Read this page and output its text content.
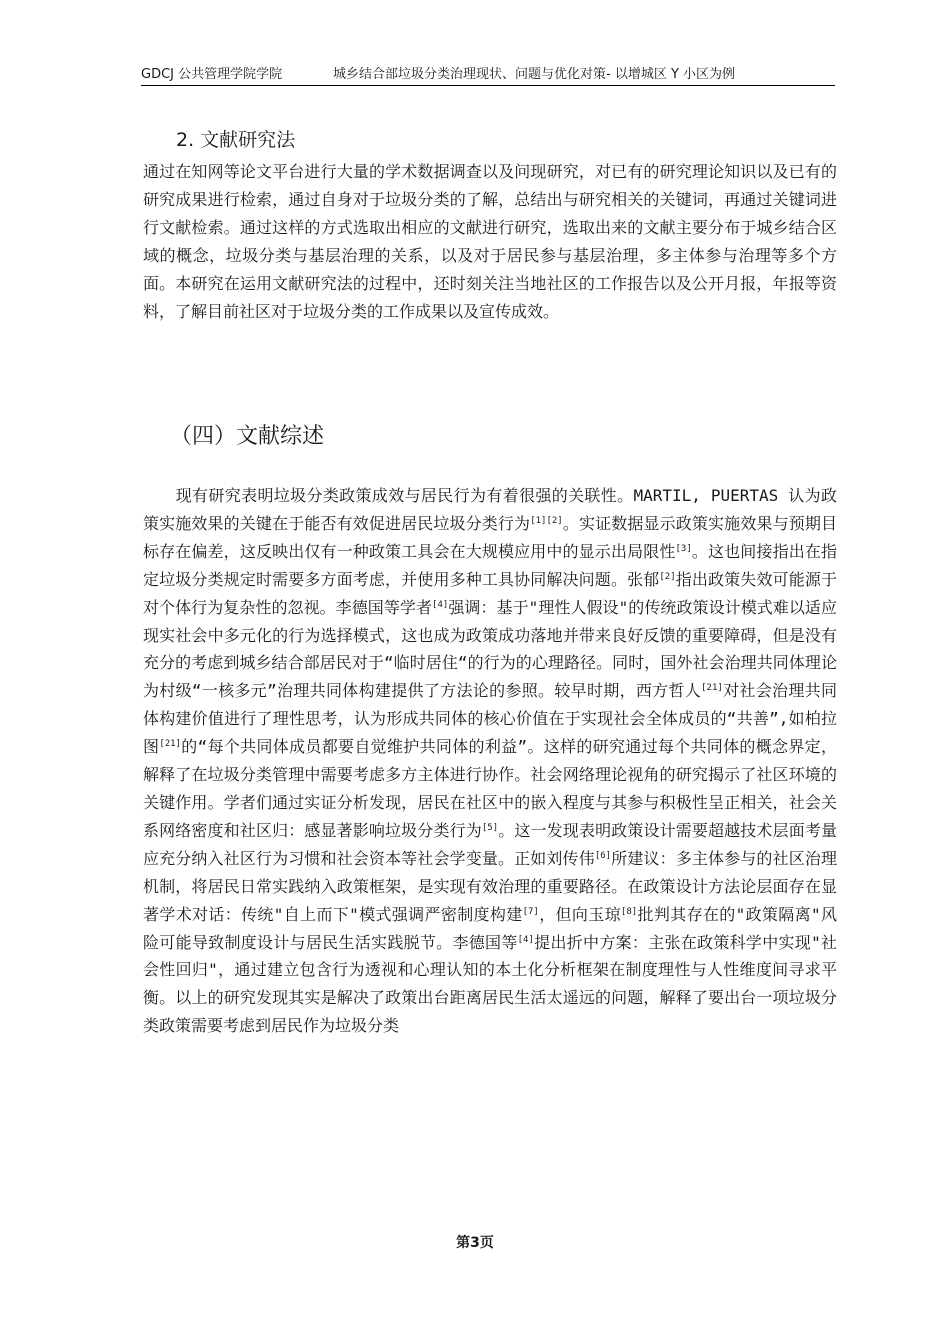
GDCJ 公共管理学院学院	城乡结合部垃圾分类治理现状、问题与优化对策- 以增城区 Y 小区为例
2. 文献研究法

通过在知网等论文平台进行大量的学术数据调查以及问现研究，对已有的研究理论知识以及已有的研究成果进行检索，通过自身对于垃圾分类的了解，总结出与研究相关的关键词，再通过关键词进行文献检索。通过这样的方式选取出相应的文献进行研究，选取出来的文献主要分布于城乡结合区域的概念，垃圾分类与基层治理的关系，以及对于居民参与基层治理，多主体参与治理等多个方面。本研究在运用文献研究法的过程中，还时刻关注当地社区的工作报告以及公开月报，年报等资料，了解目前社区对于垃圾分类的工作成果以及宣传成效。

（四）文献综述

　　现有研究表明垃圾分类政策成效与居民行为有着很强的关联性。MARTIL, PUERTAS 认为政策实施效果的关键在于能否有效促进居民垃圾分类行为[1][2]。实证数据显示政策实施效果与预期目标存在偏差，这反映出仅有一种政策工具会在大规模应用中的显示出局限性[3]。这也间接指出在指定垃圾分类规定时需要多方面考虑，并使用多种工具协同解决问题。张郁[2]指出政策失效可能源于对个体行为复杂性的忽视。李德国等学者[4]强调：基于"理性人假设"的传统政策设计模式难以适应现实社会中多元化的行为选择模式，这也成为政策成功落地并带来良好反馈的重要障碍，但是没有充分的考虑到城乡结合部居民对于“临时居住“的行为的心理路径。同时，国外社会治理共同体理论为村级“一核多元”治理共同体构建提供了方法论的参照。较早时期，西方哲人[21]对社会治理共同体构建价值进行了理性思考，认为形成共同体的核心价值在于实现社会全体成员的“共善”,如柏拉图[21]的“每个共同体成员都要自觉维护共同体的利益”。这样的研究通过每个共同体的概念界定，解释了在垃圾分类管理中需要考虑多方主体进行协作。社会网络理论视角的研究揭示了社区环境的关键作用。学者们通过实证分析发现，居民在社区中的嵌入程度与其参与积极性呈正相关，社会关系网络密度和社区归：感显著影响垃圾分类行为[5]。这一发现表明政策设计需要超越技术层面考量应充分纳入社区行为习惯和社会资本等社会学变量。正如刘传伟[6]所建议：多主体参与的社区治理机制，将居民日常实践纳入政策框架，是实现有效治理的重要路径。在政策设计方法论层面存在显著学术对话：传统"自上而下"模式强调严密制度构建[7]，但向玉琼[8]批判其存在的"政策隔离"风险可能导致制度设计与居民生活实践脱节。李德国等[4]提出折中方案：主张在政策科学中实现"社会性回归"，通过建立包含行为透视和心理认知的本土化分析框架在制度理性与人性维度间寻求平衡。以上的研究发现其实是解决了政策出台距离居民生活太遥远的问题，解释了要出台一项垃圾分类政策需要考虑到居民作为垃圾分类

第3页
